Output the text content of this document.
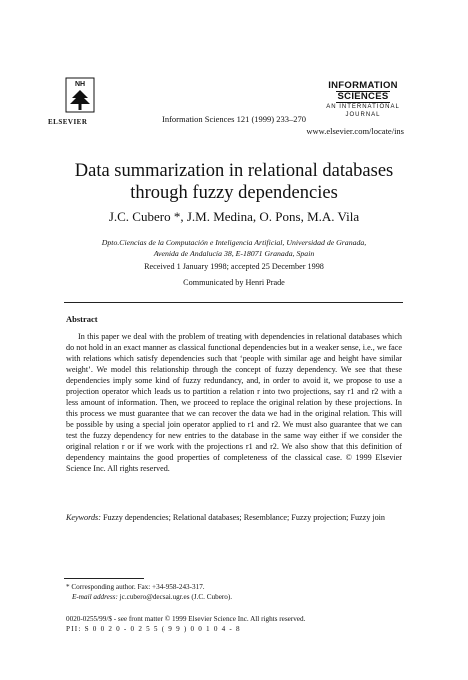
NH
ELSEVIER
INFORMATION
SCIENCES
AN INTERNATIONAL JOURNAL
Information Sciences 121 (1999) 233–270
www.elsevier.com/locate/ins
Data summarization in relational databases
through fuzzy dependencies
J.C. Cubero *, J.M. Medina, O. Pons, M.A. Vila
Dpto.Ciencias de la Computación e Inteligencia Artificial, Universidad de Granada,
Avenida de Andalucía 38, E-18071 Granada, Spain
Received 1 January 1998; accepted 25 December 1998
Communicated by Henri Prade
Abstract

In this paper we deal with the problem of treating with dependencies in relational databases which do not hold in an exact manner as classical functional dependencies but in a weaker sense, i.e., we face with relations which satisfy dependencies such that ‘people with similar age and height have similar weight’. We model this relationship through the concept of fuzzy dependency. We see that these dependencies imply some kind of fuzzy redundancy, and, in order to avoid it, we propose to use a projection operator which leads us to partition a relation r into two projections, say r1 and r2 with a less amount of information. Then, we proceed to replace the original relation by these projections. In this process we must guarantee that we can recover the data we had in the original relation. This will be possible by using a special join operator applied to r1 and r2. We must also guarantee that we can test the fuzzy dependency for new entries to the database in the same way either if we consider the original relation r or if we work with the projections r1 and r2. We also show that this definition of dependency maintains the good properties of completeness of the classical case. © 1999 Elsevier Science Inc. All rights reserved.

Keywords: Fuzzy dependencies; Relational databases; Resemblance; Fuzzy projection; Fuzzy join
* Corresponding author. Fax: +34-958-243-317.
E-mail address: jc.cubero@decsai.ugr.es (J.C. Cubero).
0020-0255/99/$ - see front matter © 1999 Elsevier Science Inc. All rights reserved.
PII: S 0 0 2 0 - 0 2 5 5 ( 9 9 ) 0 0 1 0 4 - 8
